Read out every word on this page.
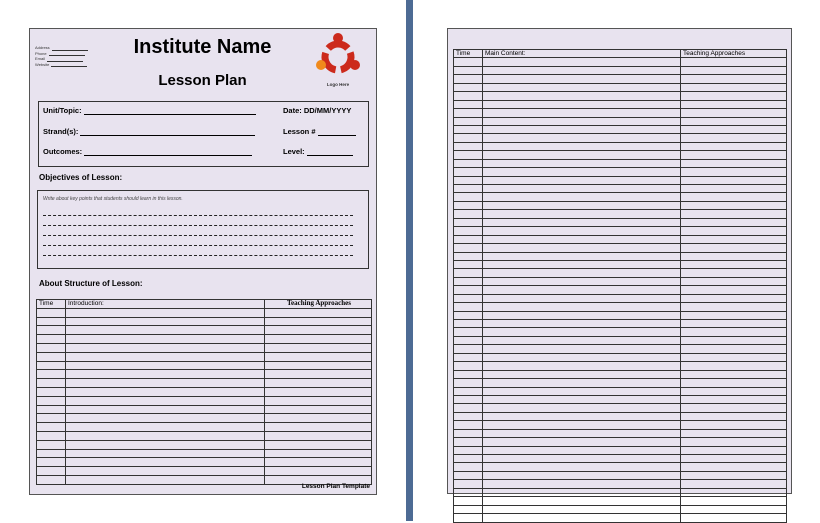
Address
Phone
Email
Website
Institute Name
Lesson Plan	Logo Here
Unit/Topic:	Date: DD/MM/YYYY
Strand(s):	Lesson #
Outcomes:	Level:
Objectives of Lesson:
Write about key points that students should learn in this lesson.
About Structure of Lesson:
Time	Introduction:	Teaching Approaches

Lesson Plan Template
Time	Main Content:	Teaching Approaches
